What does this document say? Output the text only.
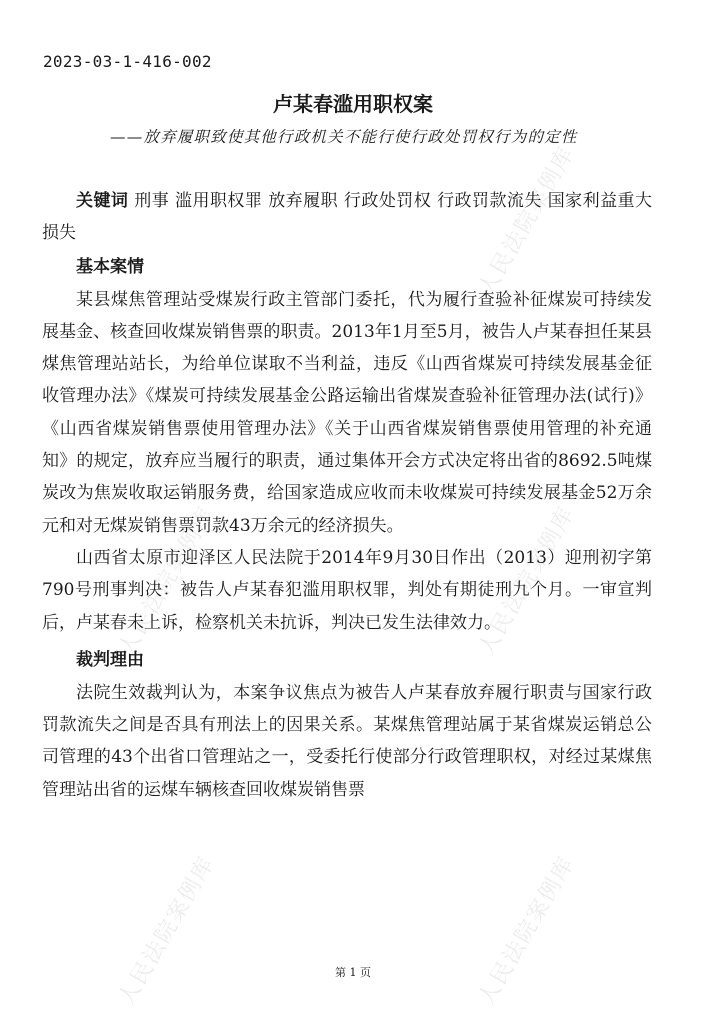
人民法院案例库
人民法院案例库	人民法院案例库
人民法院案例库	人民法院案例库
2023-03-1-416-002
卢某春滥用职权案
——放弃履职致使其他行政机关不能行使行政处罚权行为的定性

关键词 刑事 滥用职权罪 放弃履职 行政处罚权 行政罚款流失 国家利益重大损失

基本案情

某县煤焦管理站受煤炭行政主管部门委托，代为履行查验补征煤炭可持续发展基金、核查回收煤炭销售票的职责。2013年1月至5月，被告人卢某春担任某县煤焦管理站站长，为给单位谋取不当利益，违反《山西省煤炭可持续发展基金征收管理办法》《煤炭可持续发展基金公路运输出省煤炭查验补征管理办法(试行)》《山西省煤炭销售票使用管理办法》《关于山西省煤炭销售票使用管理的补充通知》的规定，放弃应当履行的职责，通过集体开会方式决定将出省的8692.5吨煤炭改为焦炭收取运销服务费，给国家造成应收而未收煤炭可持续发展基金52万余元和对无煤炭销售票罚款43万余元的经济损失。

山西省太原市迎泽区人民法院于2014年9月30日作出（2013）迎刑初字第790号刑事判决：被告人卢某春犯滥用职权罪，判处有期徒刑九个月。一审宣判后，卢某春未上诉，检察机关未抗诉，判决已发生法律效力。

裁判理由

法院生效裁判认为，本案争议焦点为被告人卢某春放弃履行职责与国家行政罚款流失之间是否具有刑法上的因果关系。某煤焦管理站属于某省煤炭运销总公司管理的43个出省口管理站之一，受委托行使部分行政管理职权，对经过某煤焦管理站出省的运煤车辆核查回收煤炭销售票

第 1 页
